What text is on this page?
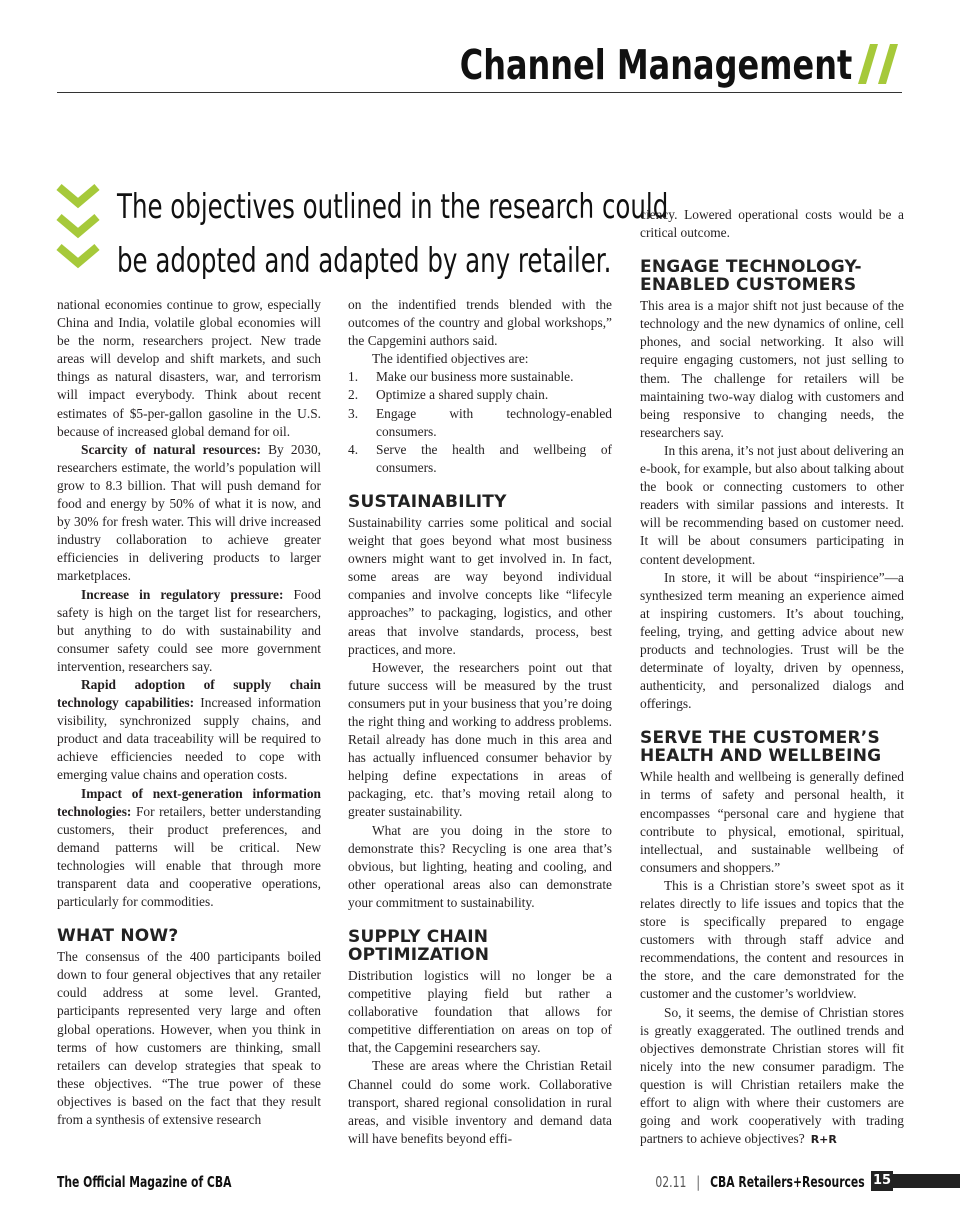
Channel Management
The objectives outlined in the research could
be adopted and adapted by any retailer.

national economies continue to grow, especially China and India, volatile global economies will be the norm, researchers project. New trade areas will develop and shift markets, and such things as natural disasters, war, and terrorism will impact everybody. Think about recent estimates of $5-per-gallon gasoline in the U.S. because of increased global demand for oil.

Scarcity of natural resources: By 2030, researchers estimate, the world’s population will grow to 8.3 billion. That will push demand for food and energy by 50% of what it is now, and by 30% for fresh water. This will drive increased industry collaboration to achieve greater efficiencies in delivering products to larger marketplaces.

Increase in regulatory pressure: Food safety is high on the target list for researchers, but anything to do with sustainability and consumer safety could see more government intervention, researchers say.

Rapid adoption of supply chain technology capabilities: Increased information visibility, synchronized supply chains, and product and data traceability will be required to achieve efficiencies needed to cope with emerging value chains and operation costs.

Impact of next-generation information technologies: For retailers, better understanding customers, their product preferences, and demand patterns will be critical. New technologies will enable that through more transparent data and cooperative operations, particularly for commodities.

WHAT NOW?

The consensus of the 400 participants boiled down to four general objectives that any retailer could address at some level. Granted, participants represented very large and often global operations. However, when you think in terms of how customers are thinking, small retailers can develop strategies that speak to these objectives. “The true power of these objectives is based on the fact that they result from a synthesis of extensive research

on the indentified trends blended with the outcomes of the country and global workshops,” the Capgemini authors said.

The identified objectives are:

1. Make our business more sustainable.
2. Optimize a shared supply chain.
3. Engage with technology-enabled consumers.
4. Serve the health and wellbeing of consumers.
SUSTAINABILITY

Sustainability carries some political and social weight that goes beyond what most business owners might want to get involved in. In fact, some areas are way beyond individual companies and involve concepts like “lifecyle approaches” to packaging, logistics, and other areas that involve standards, process, best practices, and more.

However, the researchers point out that future success will be measured by the trust consumers put in your business that you’re doing the right thing and working to address problems. Retail already has done much in this area and has actually influenced consumer behavior by helping define expectations in areas of packaging, etc. that’s moving retail along to greater sustainability.

What are you doing in the store to demonstrate this? Recycling is one area that’s obvious, but lighting, heating and cooling, and other operational areas also can demonstrate your commitment to sustainability.

SUPPLY CHAIN OPTIMIZATION

Distribution logistics will no longer be a competitive playing field but rather a collaborative foundation that allows for competitive differentiation on areas on top of that, the Capgemini researchers say.

These are areas where the Christian Retail Channel could do some work. Collaborative transport, shared regional consolidation in rural areas, and visible inventory and demand data will have benefits beyond effi-

ciency. Lowered operational costs would be a critical outcome.

ENGAGE TECHNOLOGY-ENABLED CUSTOMERS

This area is a major shift not just because of the technology and the new dynamics of online, cell phones, and social networking. It also will require engaging customers, not just selling to them. The challenge for retailers will be maintaining two-way dialog with customers and being responsive to changing needs, the researchers say.

In this arena, it’s not just about delivering an e-book, for example, but also about talking about the book or connecting customers to other readers with similar passions and interests. It will be recommending based on customer need. It will be about consumers participating in content development.

In store, it will be about “inspirience”—a synthesized term meaning an experience aimed at inspiring customers. It’s about touching, feeling, trying, and getting advice about new products and technologies. Trust will be the determinate of loyalty, driven by openness, authenticity, and personalized dialogs and offerings.

SERVE THE CUSTOMER’S HEALTH AND WELLBEING

While health and wellbeing is generally defined in terms of safety and personal health, it encompasses “personal care and hygiene that contribute to physical, emotional, spiritual, intellectual, and sustainable wellbeing of consumers and shoppers.”

This is a Christian store’s sweet spot as it relates directly to life issues and topics that the store is specifically prepared to engage customers with through staff advice and recommendations, the content and resources in the store, and the care demonstrated for the customer and the customer’s worldview.

So, it seems, the demise of Christian stores is greatly exaggerated. The outlined trends and objectives demonstrate Christian stores will fit nicely into the new consumer paradigm. The question is will Christian retailers make the effort to align with where their customers are going and work cooperatively with trading partners to achieve objectives? R+R

The Official Magazine of CBA	02.11 | CBA Retailers+Resources 15
